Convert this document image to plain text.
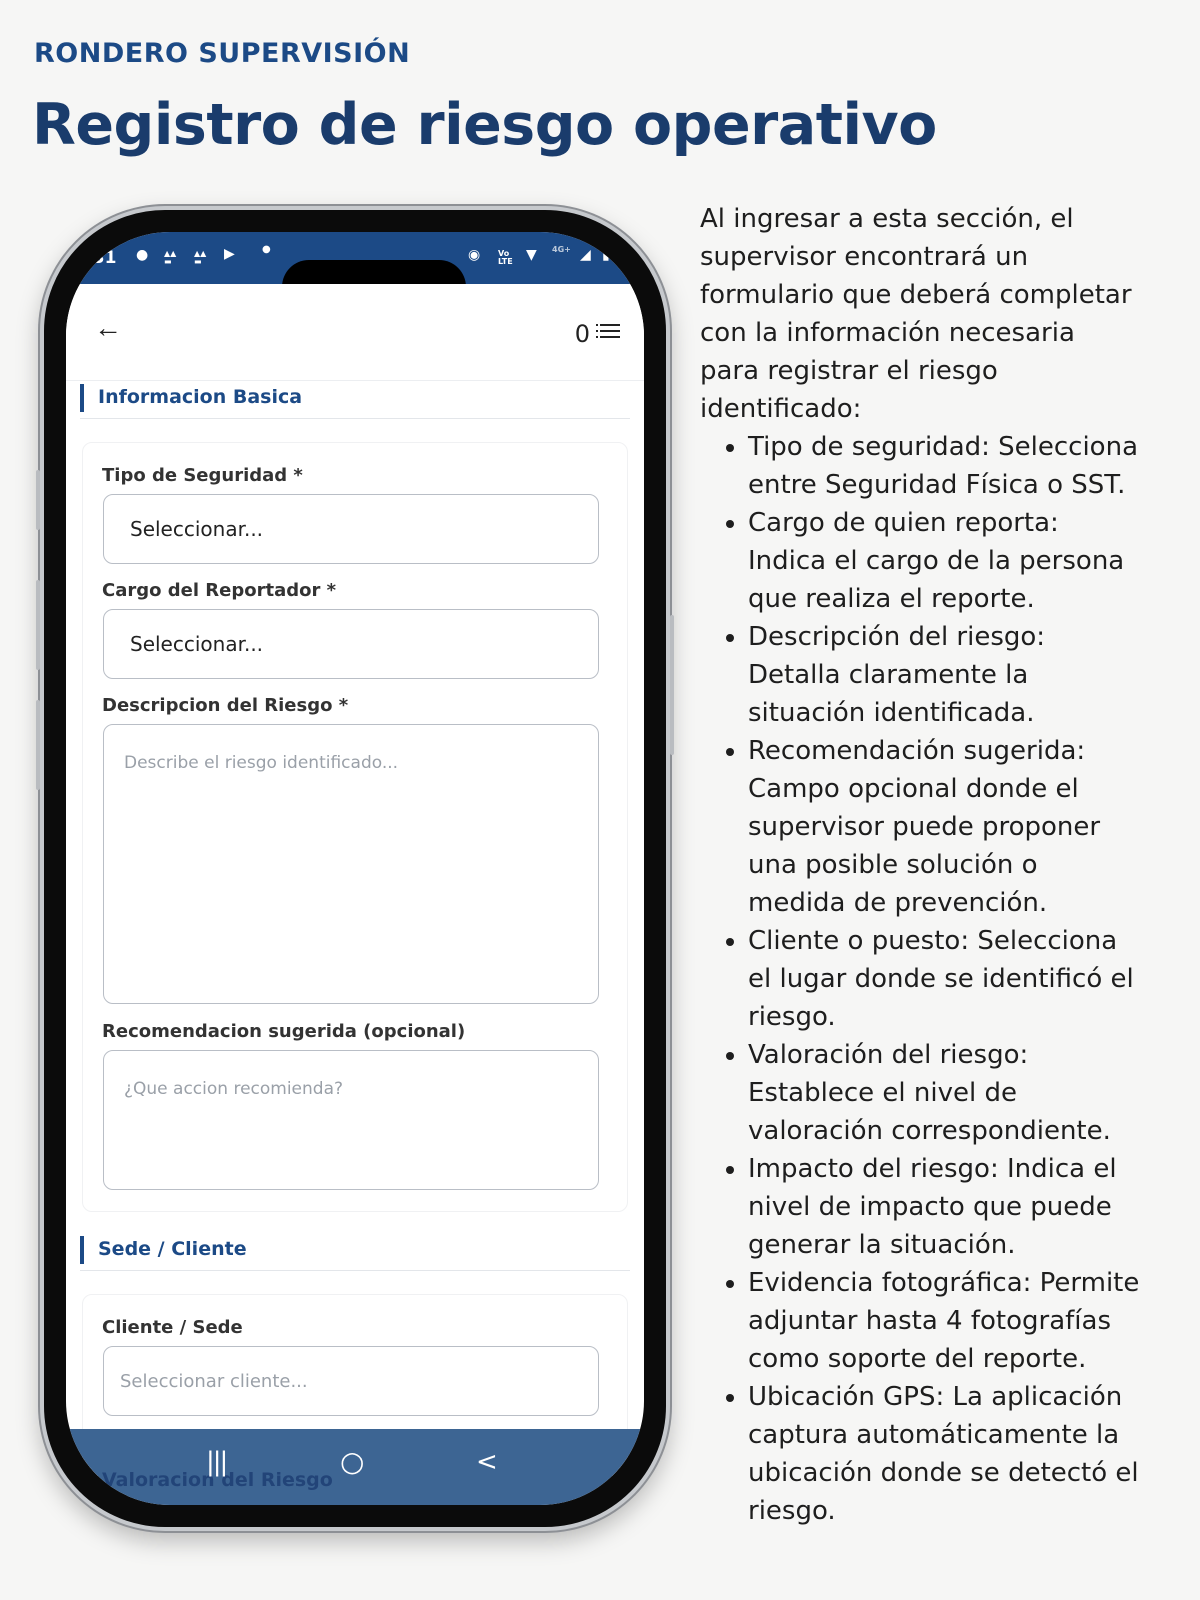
RONDERO SUPERVISIÓN
Registro de riesgo operativo
:31 ● ▲▲
▬
▲▲
▬	▶	●	◉ Vo
LTE ▼ 4G+ ◢ ▮
←	0
Informacion Basica
Tipo de Seguridad *
Seleccionar...
Cargo del Reportador *
Seleccionar...
Descripcion del Riesgo *
Describe el riesgo identificado...
Recomendacion sugerida (opcional)
¿Que accion recomienda?
Sede / Cliente
Cliente / Sede
Seleccionar cliente...
Valoracion del Riesgo
|||	○	<

Al ingresar a esta sección, el supervisor encontrará un formulario que deberá completar con la información necesaria para registrar el riesgo identificado:

• Tipo de seguridad: Selecciona entre Seguridad Física o SST.
• Cargo de quien reporta: Indica el cargo de la persona que realiza el reporte.
• Descripción del riesgo: Detalla claramente la situación identificada.
• Recomendación sugerida: Campo opcional donde el supervisor puede proponer una posible solución o medida de prevención.
• Cliente o puesto: Selecciona el lugar donde se identificó el riesgo.
• Valoración del riesgo: Establece el nivel de valoración correspondiente.
• Impacto del riesgo: Indica el nivel de impacto que puede generar la situación.
• Evidencia fotográfica: Permite adjuntar hasta 4 fotografías como soporte del reporte.
• Ubicación GPS: La aplicación captura automáticamente la ubicación donde se detectó el riesgo.
